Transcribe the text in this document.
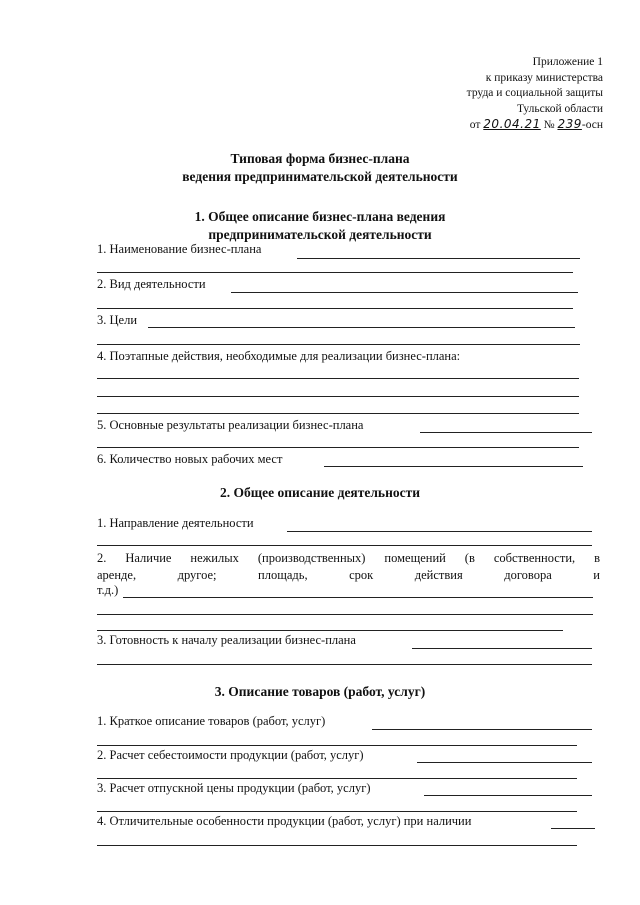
Приложение 1
к приказу министерства
труда и социальной защиты
Тульской области
от 20.04.21 № 239-осн
Типовая форма бизнес-плана
ведения предпринимательской деятельности
1. Общее описание бизнес-плана ведения
предпринимательской деятельности
1. Наименование бизнес-плана
2. Вид деятельности
3. Цели
4. Поэтапные действия, необходимые для реализации бизнес-плана:
5. Основные результаты реализации бизнес-плана
6. Количество новых рабочих мест
2. Общее описание деятельности
1. Направление деятельности
2. Наличие нежилых (производственных) помещений (в собственности, в
аренде, другое; площадь, срок действия договора и
т.д.)
3. Готовность к началу реализации бизнес-плана
3. Описание товаров (работ, услуг)
1. Краткое описание товаров (работ, услуг)
2. Расчет себестоимости продукции (работ, услуг)
3. Расчет отпускной цены продукции (работ, услуг)
4. Отличительные особенности продукции (работ, услуг) при наличии
